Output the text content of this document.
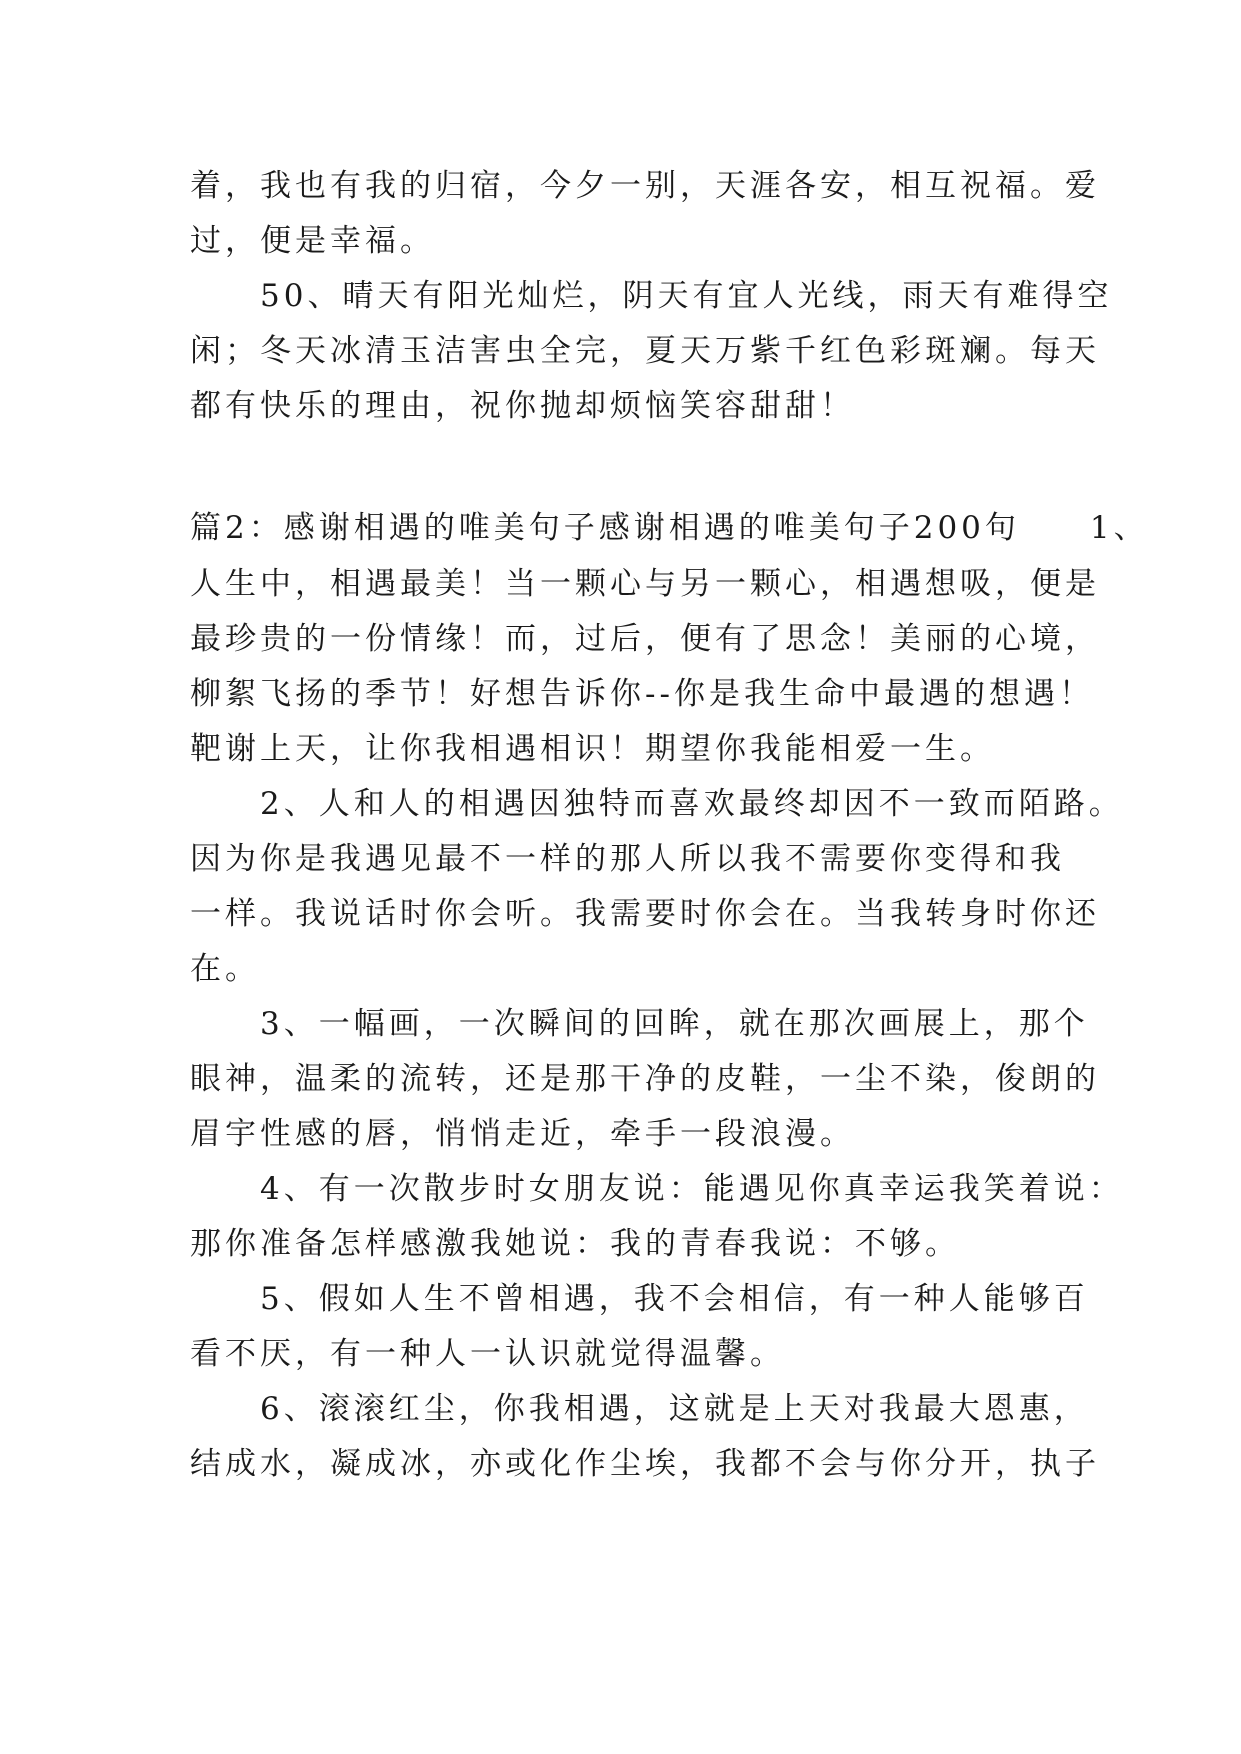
着，我也有我的归宿，今夕一别，天涯各安，相互祝福。爱
过，便是幸福。
　　50、晴天有阳光灿烂，阴天有宜人光线，雨天有难得空
闲；冬天冰清玉洁害虫全完，夏天万紫千红色彩斑斓。每天
都有快乐的理由，祝你抛却烦恼笑容甜甜！
篇2：感谢相遇的唯美句子感谢相遇的唯美句子200句　　1、
人生中，相遇最美！当一颗心与另一颗心，相遇想吸，便是
最珍贵的一份情缘！而，过后，便有了思念！美丽的心境，
柳絮飞扬的季节！好想告诉你--你是我生命中最遇的想遇！
靶谢上天，让你我相遇相识！期望你我能相爱一生。
　　2、人和人的相遇因独特而喜欢最终却因不一致而陌路。
因为你是我遇见最不一样的那人所以我不需要你变得和我
一样。我说话时你会听。我需要时你会在。当我转身时你还
在。
　　3、一幅画，一次瞬间的回眸，就在那次画展上，那个
眼神，温柔的流转，还是那干净的皮鞋，一尘不染，俊朗的
眉宇性感的唇，悄悄走近，牵手一段浪漫。
　　4、有一次散步时女朋友说：能遇见你真幸运我笑着说：
那你准备怎样感激我她说：我的青春我说：不够。
　　5、假如人生不曾相遇，我不会相信，有一种人能够百
看不厌，有一种人一认识就觉得温馨。
　　6、滚滚红尘，你我相遇，这就是上天对我最大恩惠，
结成水，凝成冰，亦或化作尘埃，我都不会与你分开，执子
